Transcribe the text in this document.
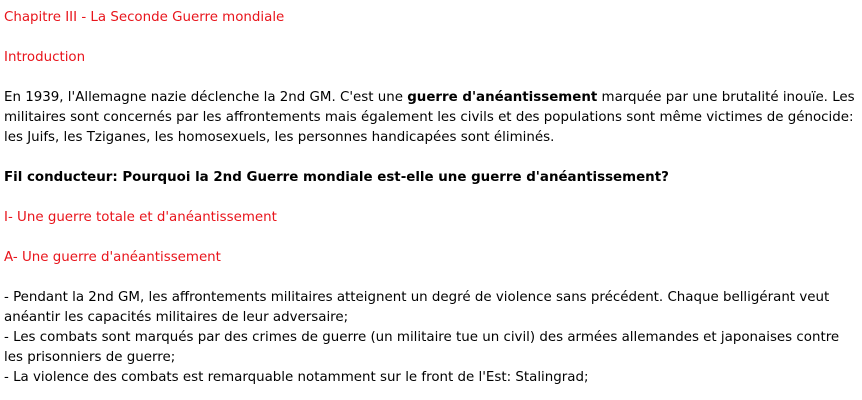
Chapitre III - La Seconde Guerre mondiale

Introduction

En 1939, l'Allemagne nazie déclenche la 2nd GM. C'est une guerre d'anéantissement marquée par une brutalité inouïe. Les militaires sont concernés par les affrontements mais également les civils et des populations sont même victimes de génocide: les Juifs, les Tziganes, les homosexuels, les personnes handicapées sont éliminés.

Fil conducteur: Pourquoi la 2nd Guerre mondiale est-elle une guerre d'anéantissement?

I- Une guerre totale et d'anéantissement

A- Une guerre d'anéantissement

- Pendant la 2nd GM, les affrontements militaires atteignent un degré de violence sans précédent. Chaque belligérant veut anéantir les capacités militaires de leur adversaire;
- Les combats sont marqués par des crimes de guerre (un militaire tue un civil) des armées allemandes et japonaises contre les prisonniers de guerre;
- La violence des combats est remarquable notamment sur le front de l'Est: Stalingrad;
